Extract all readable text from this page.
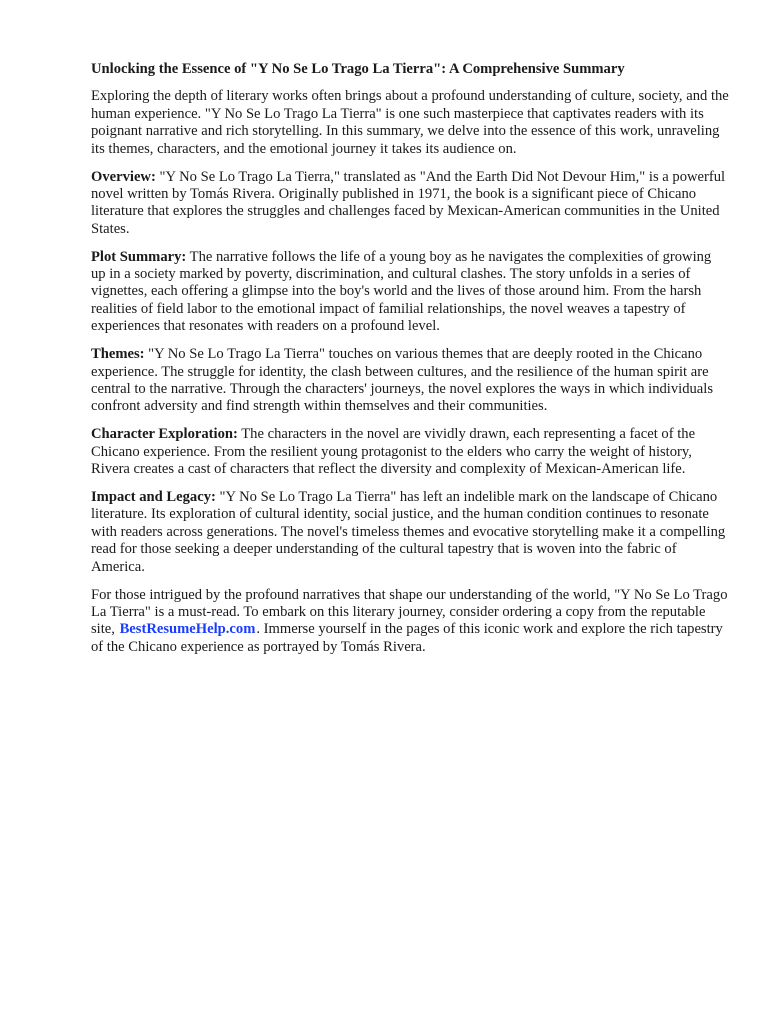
Unlocking the Essence of "Y No Se Lo Trago La Tierra": A Comprehensive Summary

Exploring the depth of literary works often brings about a profound understanding of culture, society, and the human experience. "Y No Se Lo Trago La Tierra" is one such masterpiece that captivates readers with its poignant narrative and rich storytelling. In this summary, we delve into the essence of this work, unraveling its themes, characters, and the emotional journey it takes its audience on.

Overview: "Y No Se Lo Trago La Tierra," translated as "And the Earth Did Not Devour Him," is a powerful novel written by Tomás Rivera. Originally published in 1971, the book is a significant piece of Chicano literature that explores the struggles and challenges faced by Mexican-American communities in the United States.

Plot Summary: The narrative follows the life of a young boy as he navigates the complexities of growing up in a society marked by poverty, discrimination, and cultural clashes. The story unfolds in a series of vignettes, each offering a glimpse into the boy's world and the lives of those around him. From the harsh realities of field labor to the emotional impact of familial relationships, the novel weaves a tapestry of experiences that resonates with readers on a profound level.

Themes: "Y No Se Lo Trago La Tierra" touches on various themes that are deeply rooted in the Chicano experience. The struggle for identity, the clash between cultures, and the resilience of the human spirit are central to the narrative. Through the characters' journeys, the novel explores the ways in which individuals confront adversity and find strength within themselves and their communities.

Character Exploration: The characters in the novel are vividly drawn, each representing a facet of the Chicano experience. From the resilient young protagonist to the elders who carry the weight of history, Rivera creates a cast of characters that reflect the diversity and complexity of Mexican-American life.

Impact and Legacy: "Y No Se Lo Trago La Tierra" has left an indelible mark on the landscape of Chicano literature. Its exploration of cultural identity, social justice, and the human condition continues to resonate with readers across generations. The novel's timeless themes and evocative storytelling make it a compelling read for those seeking a deeper understanding of the cultural tapestry that is woven into the fabric of America.

For those intrigued by the profound narratives that shape our understanding of the world, "Y No Se Lo Trago La Tierra" is a must-read. To embark on this literary journey, consider ordering a copy from the reputable site, BestResumeHelp.com. Immerse yourself in the pages of this iconic work and explore the rich tapestry of the Chicano experience as portrayed by Tomás Rivera.
